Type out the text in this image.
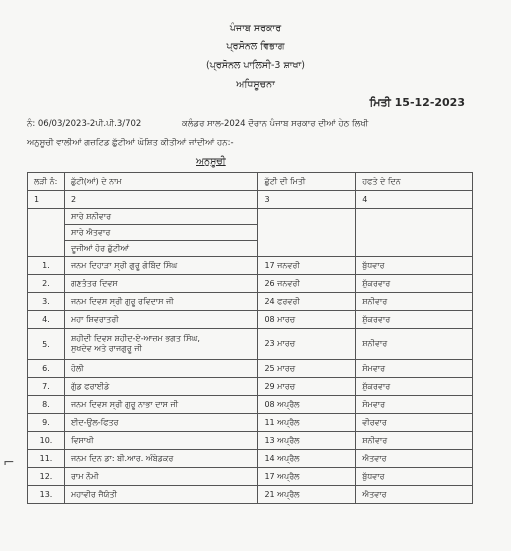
ਪੰਜਾਬ ਸਰਕਾਰ
ਪ੍ਰਸੋਨਲ ਵਿਭਾਗ
(ਪ੍ਰਸੋਨਲ ਪਾਲਿਸੀ-3 ਸ਼ਾਖਾ)
ਅਧਿਸੂਚਨਾ
ਮਿਤੀ 15-12-2023
ਨੰ: 06/03/2023-2ਪੀ.ਪੀ.3/702	ਕਲੰਡਰ ਸਾਲ-2024 ਦੌਰਾਨ ਪੰਜਾਬ ਸਰਕਾਰ ਦੀਆਂ ਹੇਠ ਲਿਖੀ
ਅਨੁਸੂਚੀ ਵਾਲੀਆਂ ਗਜ਼ਟਿਡ ਛੁੱਟੀਆਂ ਘੋਸ਼ਿਤ ਕੀਤੀਆਂ ਜਾਂਦੀਆਂ ਹਨ:-
ਅਨੁਸੂਚੀ
ਲੜੀ ਨੰ:	ਛੁੱਟੀ(ਆਂ) ਦੇ ਨਾਮ	ਛੁੱਟੀ ਦੀ ਮਿਤੀ	ਹਫਤੇ ਦੇ ਦਿਨ
1	2	3	4
	ਸਾਰੇ ਸ਼ਨੀਵਾਰ		
	ਸਾਰੇ ਐਤਵਾਰ		
	ਦੂਜੀਆਂ ਹੋਰ ਛੁੱਟੀਆਂ		
1.	ਜਨਮ ਦਿਹਾੜਾ ਸ੍ਰੀ ਗੁਰੂ ਗੋਬਿੰਦ ਸਿੰਘ	17 ਜਨਵਰੀ	ਬੁੱਧਵਾਰ
2.	ਗਣਤੰਤਰ ਦਿਵਸ	26 ਜਨਵਰੀ	ਸ਼ੁੱਕਰਵਾਰ
3.	ਜਨਮ ਦਿਵਸ ਸ੍ਰੀ ਗੁਰੂ ਰਵਿਦਾਸ ਜੀ	24 ਫਰਵਰੀ	ਸ਼ਨੀਵਾਰ
4.	ਮਹਾ ਸ਼ਿਵਰਾਤਰੀ	08 ਮਾਰਚ	ਸ਼ੁੱਕਰਵਾਰ
5.	ਸ਼ਹੀਦੀ ਦਿਵਸ ਸ਼ਹੀਦ-ਏ-ਆਜ਼ਮ ਭਗਤ ਸਿੰਘ,
ਸੁਖਦੇਵ ਅਤੇ ਰਾਜਗੁਰੂ ਜੀ	23 ਮਾਰਚ	ਸ਼ਨੀਵਾਰ
6.	ਹੋਲੀ	25 ਮਾਰਚ	ਸੋਮਵਾਰ
7.	ਗੁੱਡ ਫਰਾਈਡੇ	29 ਮਾਰਚ	ਸ਼ੁੱਕਰਵਾਰ
8.	ਜਨਮ ਦਿਵਸ ਸ੍ਰੀ ਗੁਰੂ ਨਾਭਾ ਦਾਸ ਜੀ	08 ਅਪ੍ਰੈਲ	ਸੋਮਵਾਰ
9.	ਈਦ-ਉਲ-ਫਿਤਰ	11 ਅਪ੍ਰੈਲ	ਵੀਰਵਾਰ
10.	ਵਿਸਾਖੀ	13 ਅਪ੍ਰੈਲ	ਸ਼ਨੀਵਾਰ
11.	ਜਨਮ ਦਿਨ ਡਾ: ਬੀ.ਆਰ. ਅੰਬੇਡਕਰ	14 ਅਪ੍ਰੈਲ	ਐਤਵਾਰ
12.	ਰਾਮ ਨੌਮੀ	17 ਅਪ੍ਰੈਲ	ਬੁੱਧਵਾਰ
13.	ਮਹਾਵੀਰ ਜੈਯੰਤੀ	21 ਅਪ੍ਰੈਲ	ਐਤਵਾਰ
⌐
